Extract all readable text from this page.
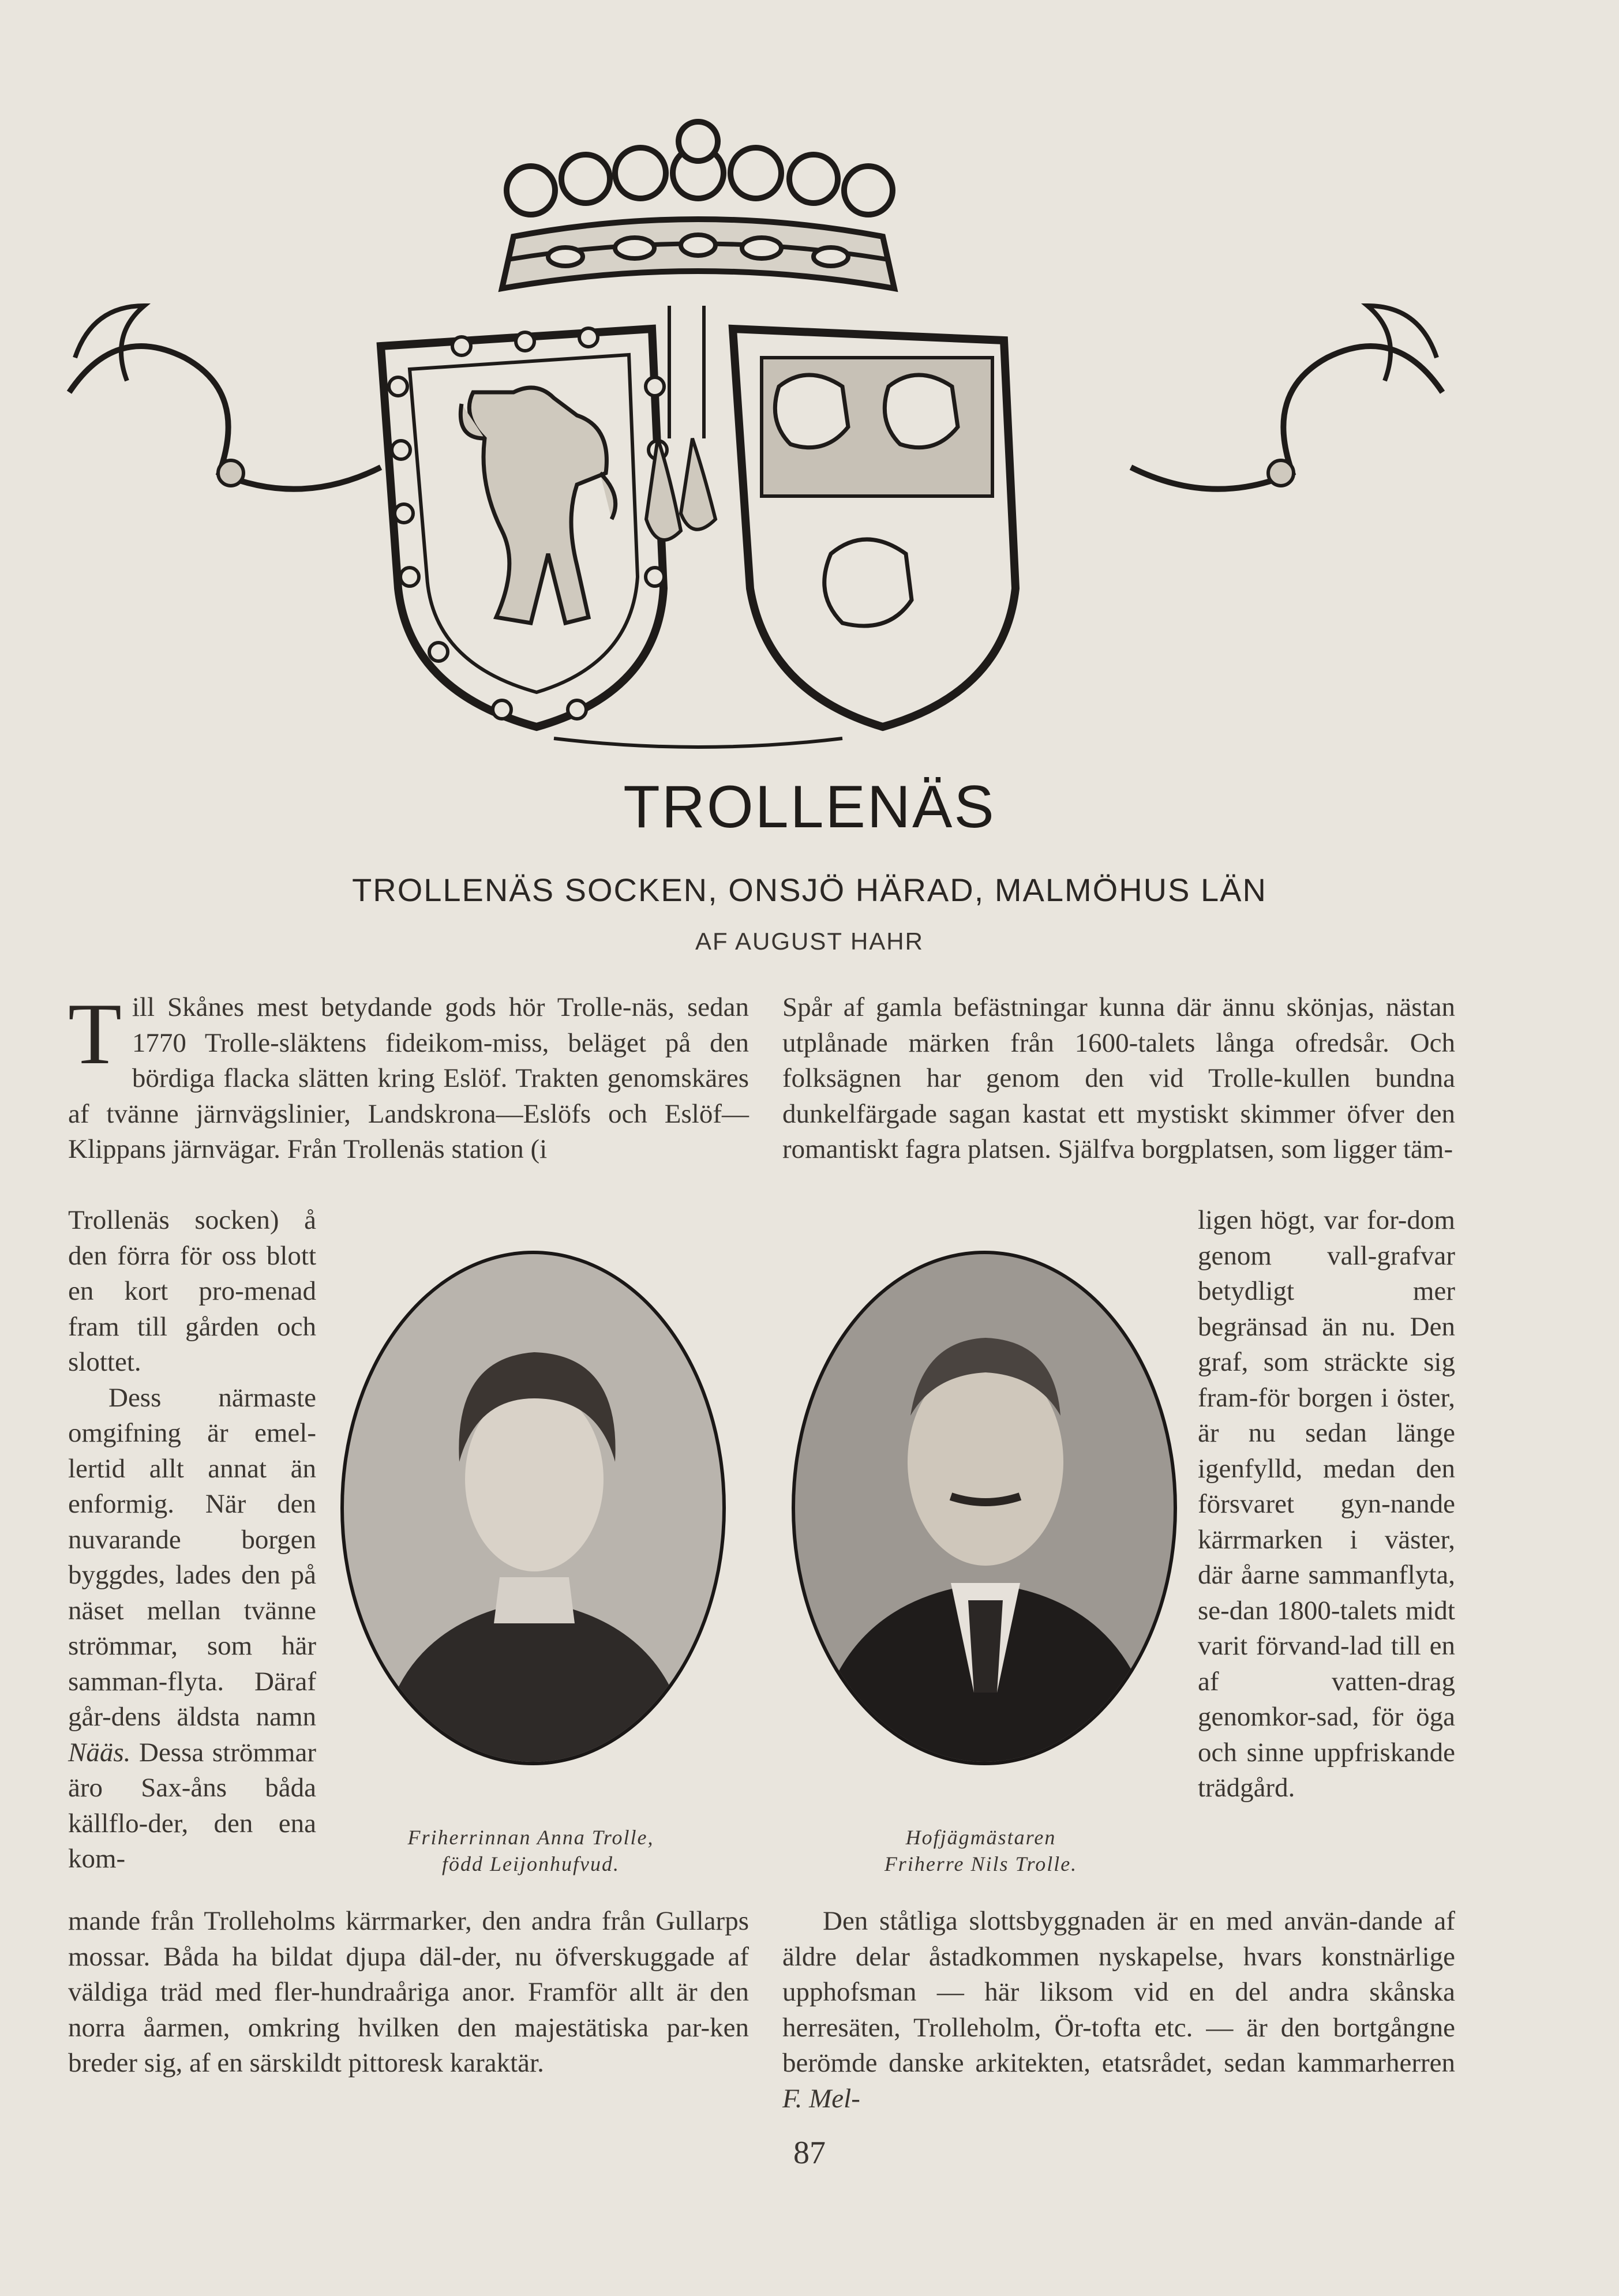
TROLLENÄS
TROLLENÄS SOCKEN, ONSJÖ HÄRAD, MALMÖHUS LÄN
AF AUGUST HAHR
T ill Skånes mest betydande gods hör Trolle-näs, sedan 1770 Trolle-släktens fideikom-miss, beläget på den bördiga flacka slätten kring Eslöf. Trakten genomskäres af tvänne järnvägslinier, Landskrona—Eslöfs och Eslöf—Klippans järnvägar. Från Trollenäs station (i

Trollenäs socken) å den förra för oss blott en kort pro-menad fram till gården och slottet.

Dess närmaste omgifning är emel-lertid allt annat än enformig. När den nuvarande borgen byggdes, lades den på näset mellan tvänne strömmar, som här samman-flyta. Däraf går-dens äldsta namn Nääs. Dessa strömmar äro Sax-åns båda källflo-der, den ena kom-

mande från Trolleholms kärrmarker, den andra från Gullarps mossar. Båda ha bildat djupa däl-der, nu öfverskuggade af väldiga träd med fler-hundraåriga anor. Framför allt är den norra åarmen, omkring hvilken den majestätiska par-ken breder sig, af en särskildt pittoresk karaktär.

Friherrinnan Anna Trolle,
född Leijonhufvud.
Hofjägmästaren
Friherre Nils Trolle.

Spår af gamla befästningar kunna där ännu skönjas, nästan utplånade märken från 1600-talets långa ofredsår. Och folksägnen har genom den vid Trolle-kullen bundna dunkelfärgade sagan kastat ett mystiskt skimmer öfver den romantiskt fagra platsen. Själfva borgplatsen, som ligger täm-

ligen högt, var for-dom genom vall-grafvar betydligt mer begränsad än nu. Den graf, som sträckte sig fram-för borgen i öster, är nu sedan länge igenfylld, medan den försvaret gyn-nande kärrmarken i väster, där åarne sammanflyta, se-dan 1800-talets midt varit förvand-lad till en af vatten-drag genomkor-sad, för öga och sinne uppfriskande trädgård.

Den ståtliga slottsbyggnaden är en med använ-dande af äldre delar åstadkommen nyskapelse, hvars konstnärlige upphofsman — här liksom vid en del andra skånska herresäten, Trolleholm, Ör-tofta etc. — är den bortgångne berömde danske arkitekten, etatsrådet, sedan kammarherren F. Mel-

87
